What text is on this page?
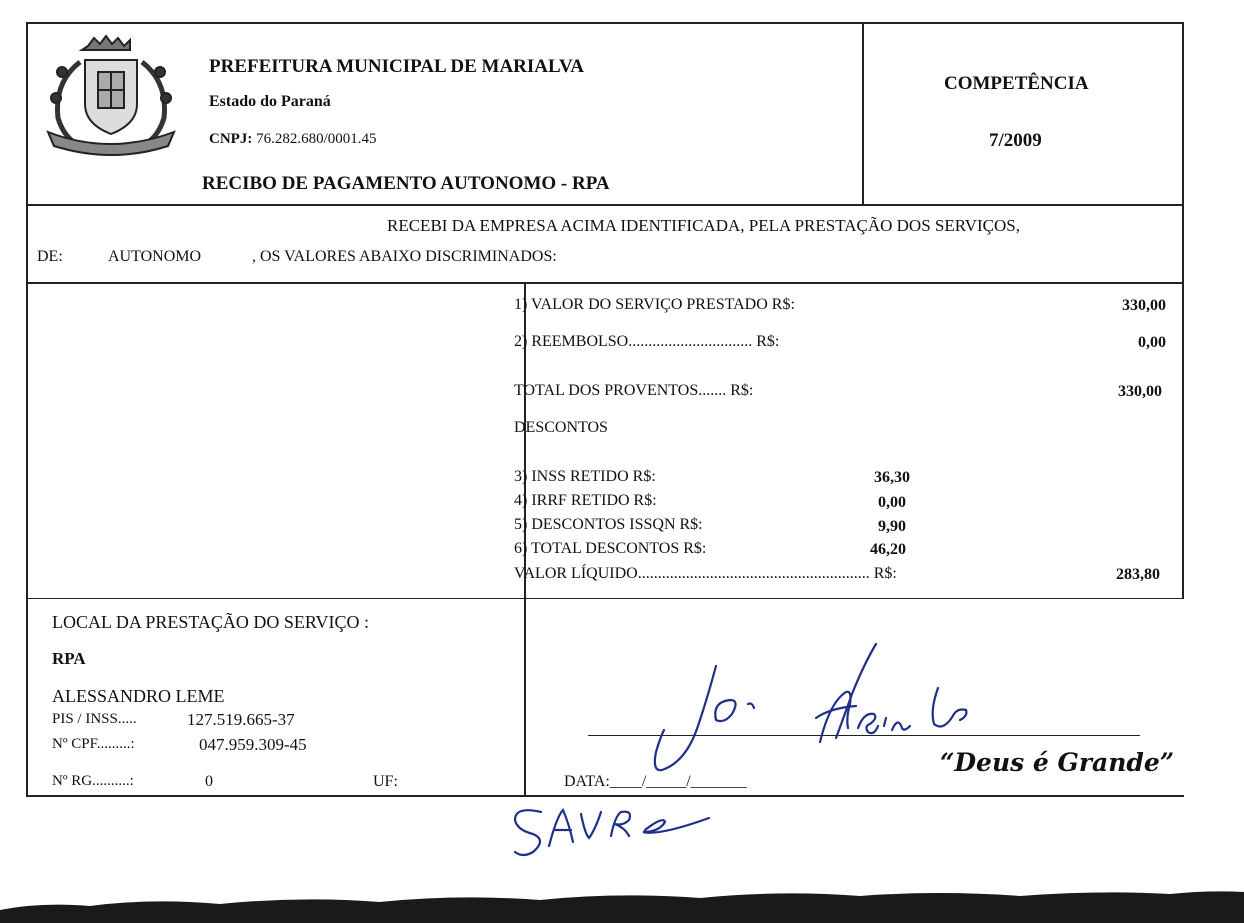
PREFEITURA MUNICIPAL DE MARIALVA
Estado do Paraná
CNPJ: 76.282.680/0001.45
RECIBO DE PAGAMENTO AUTONOMO - RPA
COMPETÊNCIA
7/2009
RECEBI DA EMPRESA ACIMA IDENTIFICADA, PELA PRESTAÇÃO DOS SERVIÇOS,
DE:	AUTONOMO	, OS VALORES ABAIXO DISCRIMINADOS:
1) VALOR DO SERVIÇO PRESTADO R$:	330,00
2) REEMBOLSO............................... R$:	0,00
TOTAL DOS PROVENTOS....... R$:	330,00
DESCONTOS
3) INSS RETIDO R$:	36,30
4) IRRF RETIDO R$:	0,00
5) DESCONTOS ISSQN R$:	9,90
6) TOTAL DESCONTOS R$:	46,20
VALOR LÍQUIDO.......................................................... R$:	283,80
LOCAL DA PRESTAÇÃO DO SERVIÇO :
RPA
ALESSANDRO LEME
PIS / INSS.....	127.519.665-37
Nº CPF.........:	047.959.309-45
Nº RG..........:	0	UF:	DATA:____/_____/_______
“Deus é Grande”
